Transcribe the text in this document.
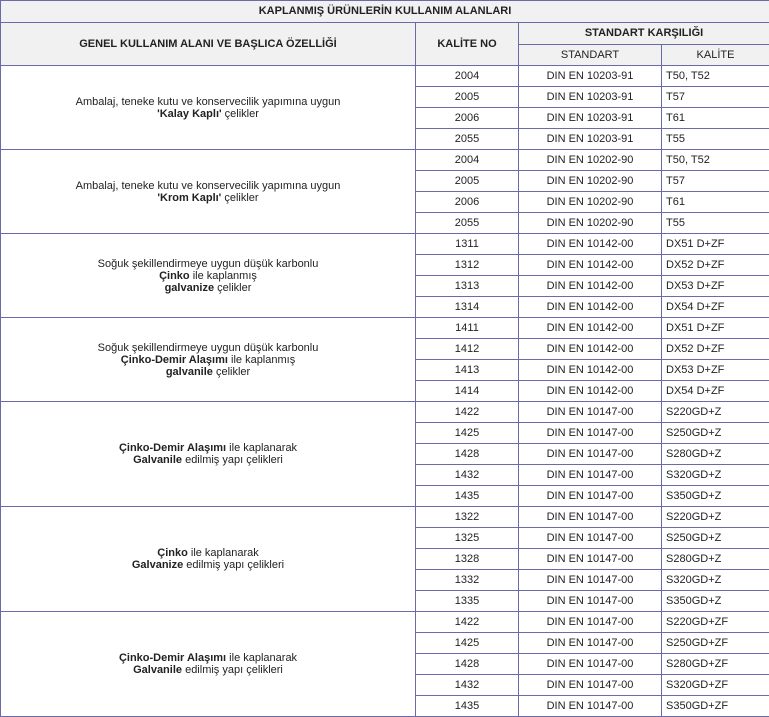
KAPLANMIŞ ÜRÜNLERİN KULLANIM ALANLARI			
GENEL KULLANIM ALANI VE BAŞLICA ÖZELLİĞİ	KALİTE NO	STANDART KARŞILIĞI	
		STANDART	KALİTE
Ambalaj, teneke kutu ve konservecilik yapımına uygun
'Kalay Kaplı' çelikler	2004	DIN EN 10203-91	T50, T52
	2005	DIN EN 10203-91	T57
	2006	DIN EN 10203-91	T61
	2055	DIN EN 10203-91	T55
Ambalaj, teneke kutu ve konservecilik yapımına uygun
'Krom Kaplı' çelikler	2004	DIN EN 10202-90	T50, T52
	2005	DIN EN 10202-90	T57
	2006	DIN EN 10202-90	T61
	2055	DIN EN 10202-90	T55
Soğuk şekillendirmeye uygun düşük karbonlu
Çinko ile kaplanmış
galvanize çelikler	1311	DIN EN 10142-00	DX51 D+ZF
	1312	DIN EN 10142-00	DX52 D+ZF
	1313	DIN EN 10142-00	DX53 D+ZF
	1314	DIN EN 10142-00	DX54 D+ZF
Soğuk şekillendirmeye uygun düşük karbonlu
Çinko-Demir Alaşımı ile kaplanmış
galvanile çelikler	1411	DIN EN 10142-00	DX51 D+ZF
	1412	DIN EN 10142-00	DX52 D+ZF
	1413	DIN EN 10142-00	DX53 D+ZF
	1414	DIN EN 10142-00	DX54 D+ZF
Çinko-Demir Alaşımı ile kaplanarak
Galvanile edilmiş yapı çelikleri	1422	DIN EN 10147-00	S220GD+Z
	1425	DIN EN 10147-00	S250GD+Z
	1428	DIN EN 10147-00	S280GD+Z
	1432	DIN EN 10147-00	S320GD+Z
	1435	DIN EN 10147-00	S350GD+Z
Çinko ile kaplanarak
Galvanize edilmiş yapı çelikleri	1322	DIN EN 10147-00	S220GD+Z
	1325	DIN EN 10147-00	S250GD+Z
	1328	DIN EN 10147-00	S280GD+Z
	1332	DIN EN 10147-00	S320GD+Z
	1335	DIN EN 10147-00	S350GD+Z
Çinko-Demir Alaşımı ile kaplanarak
Galvanile edilmiş yapı çelikleri	1422	DIN EN 10147-00	S220GD+ZF
	1425	DIN EN 10147-00	S250GD+ZF
	1428	DIN EN 10147-00	S280GD+ZF
	1432	DIN EN 10147-00	S320GD+ZF
	1435	DIN EN 10147-00	S350GD+ZF
